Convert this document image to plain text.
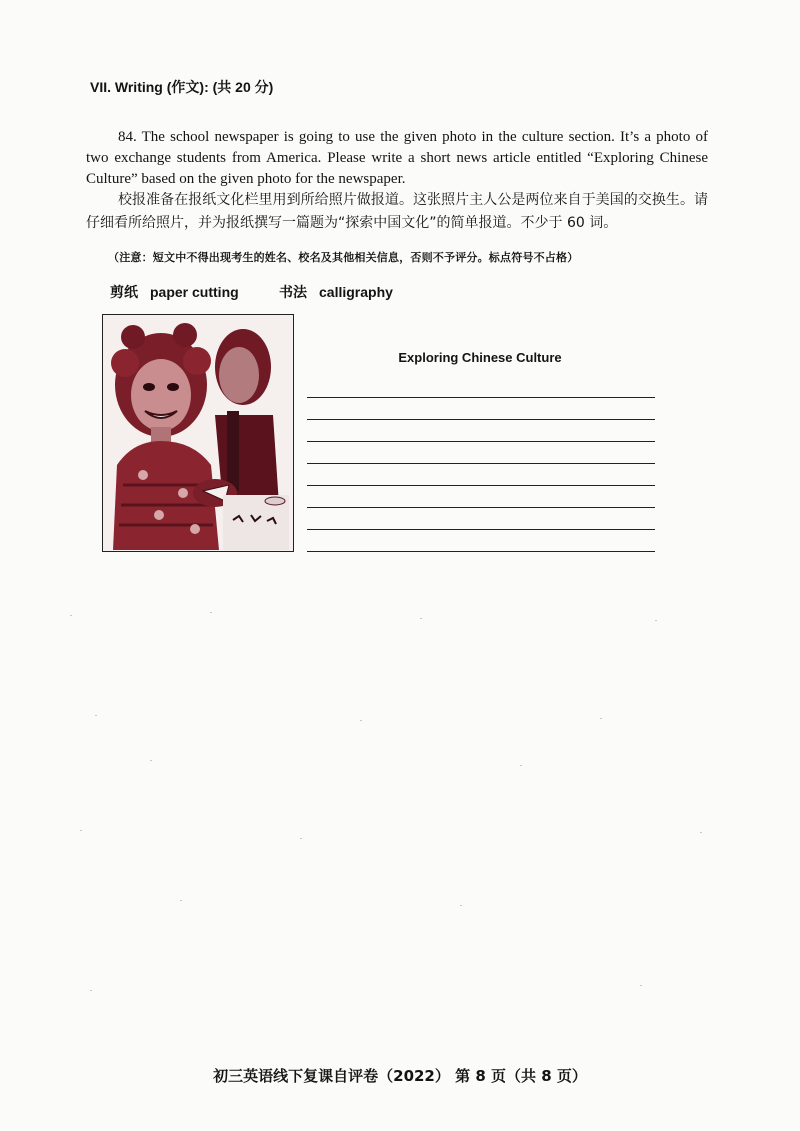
VII. Writing (作文): (共 20 分)

84. The school newspaper is going to use the given photo in the culture section. It’s a photo of two exchange students from America. Please write a short news article entitled “Exploring Chinese Culture” based on the given photo for the newspaper.

校报准备在报纸文化栏里用到所给照片做报道。这张照片主人公是两位来自于美国的交换生。请仔细看所给照片，并为报纸撰写一篇题为“探索中国文化”的简单报道。不少于 60 词。

（注意：短文中不得出现考生的姓名、校名及其他相关信息，否则不予评分。标点符号不占格）
剪纸 paper cutting	书法 calligraphy
Exploring Chinese Culture
初三英语线下复课自评卷（2022） 第 8 页（共 8 页）
